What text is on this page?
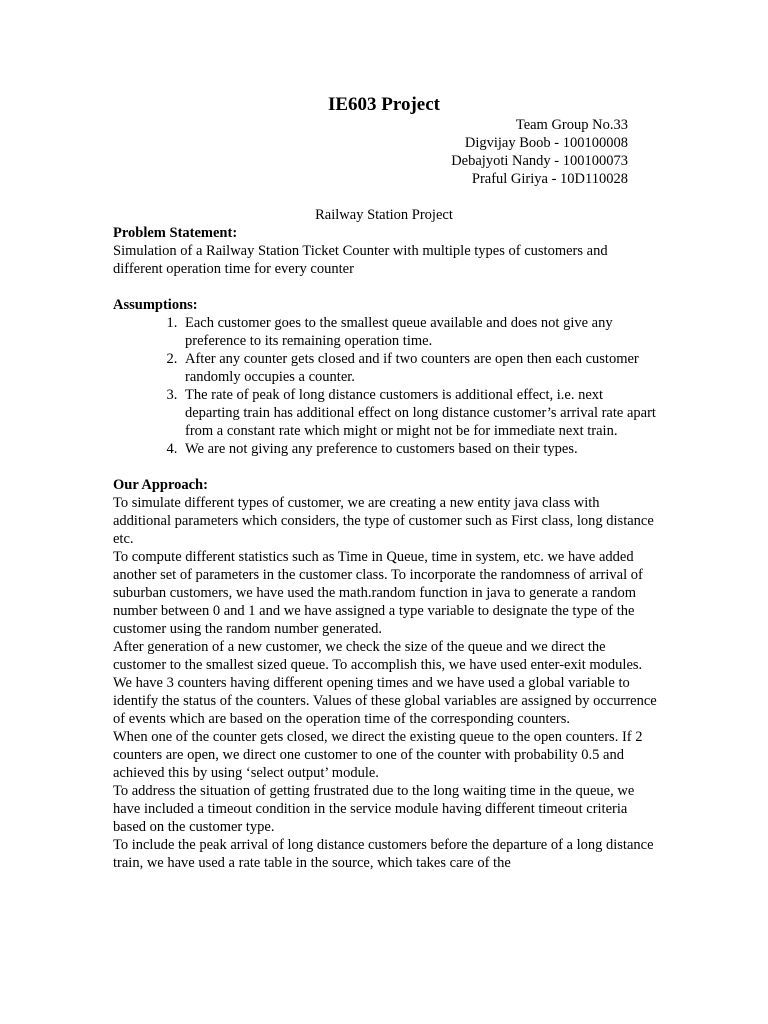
IE603 Project
Team Group No.33
Digvijay Boob - 100100008
Debajyoti Nandy - 100100073
Praful Giriya - 10D110028
Railway Station Project

Problem Statement:

Simulation of a Railway Station Ticket Counter with multiple types of customers and different operation time for every counter

Assumptions:

1. Each customer goes to the smallest queue available and does not give any preference to its remaining operation time.
2. After any counter gets closed and if two counters are open then each customer randomly occupies a counter.
3. The rate of peak of long distance customers is additional effect, i.e. next departing train has additional effect on long distance customer’s arrival rate apart from a constant rate which might or might not be for immediate next train.
4. We are not giving any preference to customers based on their types.

Our Approach:

To simulate different types of customer, we are creating a new entity java class with additional parameters which considers, the type of customer such as First class, long distance etc.

To compute different statistics such as Time in Queue, time in system, etc. we have added another set of parameters in the customer class. To incorporate the randomness of arrival of suburban customers, we have used the math.random function in java to generate a random number between 0 and 1 and we have assigned a type variable to designate the type of the customer using the random number generated.

After generation of a new customer, we check the size of the queue and we direct the customer to the smallest sized queue. To accomplish this, we have used enter-exit modules.

We have 3 counters having different opening times and we have used a global variable to identify the status of the counters. Values of these global variables are assigned by occurrence of events which are based on the operation time of the corresponding counters.

When one of the counter gets closed, we direct the existing queue to the open counters. If 2 counters are open, we direct one customer to one of the counter with probability 0.5 and achieved this by using ‘select output’ module.

To address the situation of getting frustrated due to the long waiting time in the queue, we have included a timeout condition in the service module having different timeout criteria based on the customer type.

To include the peak arrival of long distance customers before the departure of a long distance train, we have used a rate table in the source, which takes care of the
